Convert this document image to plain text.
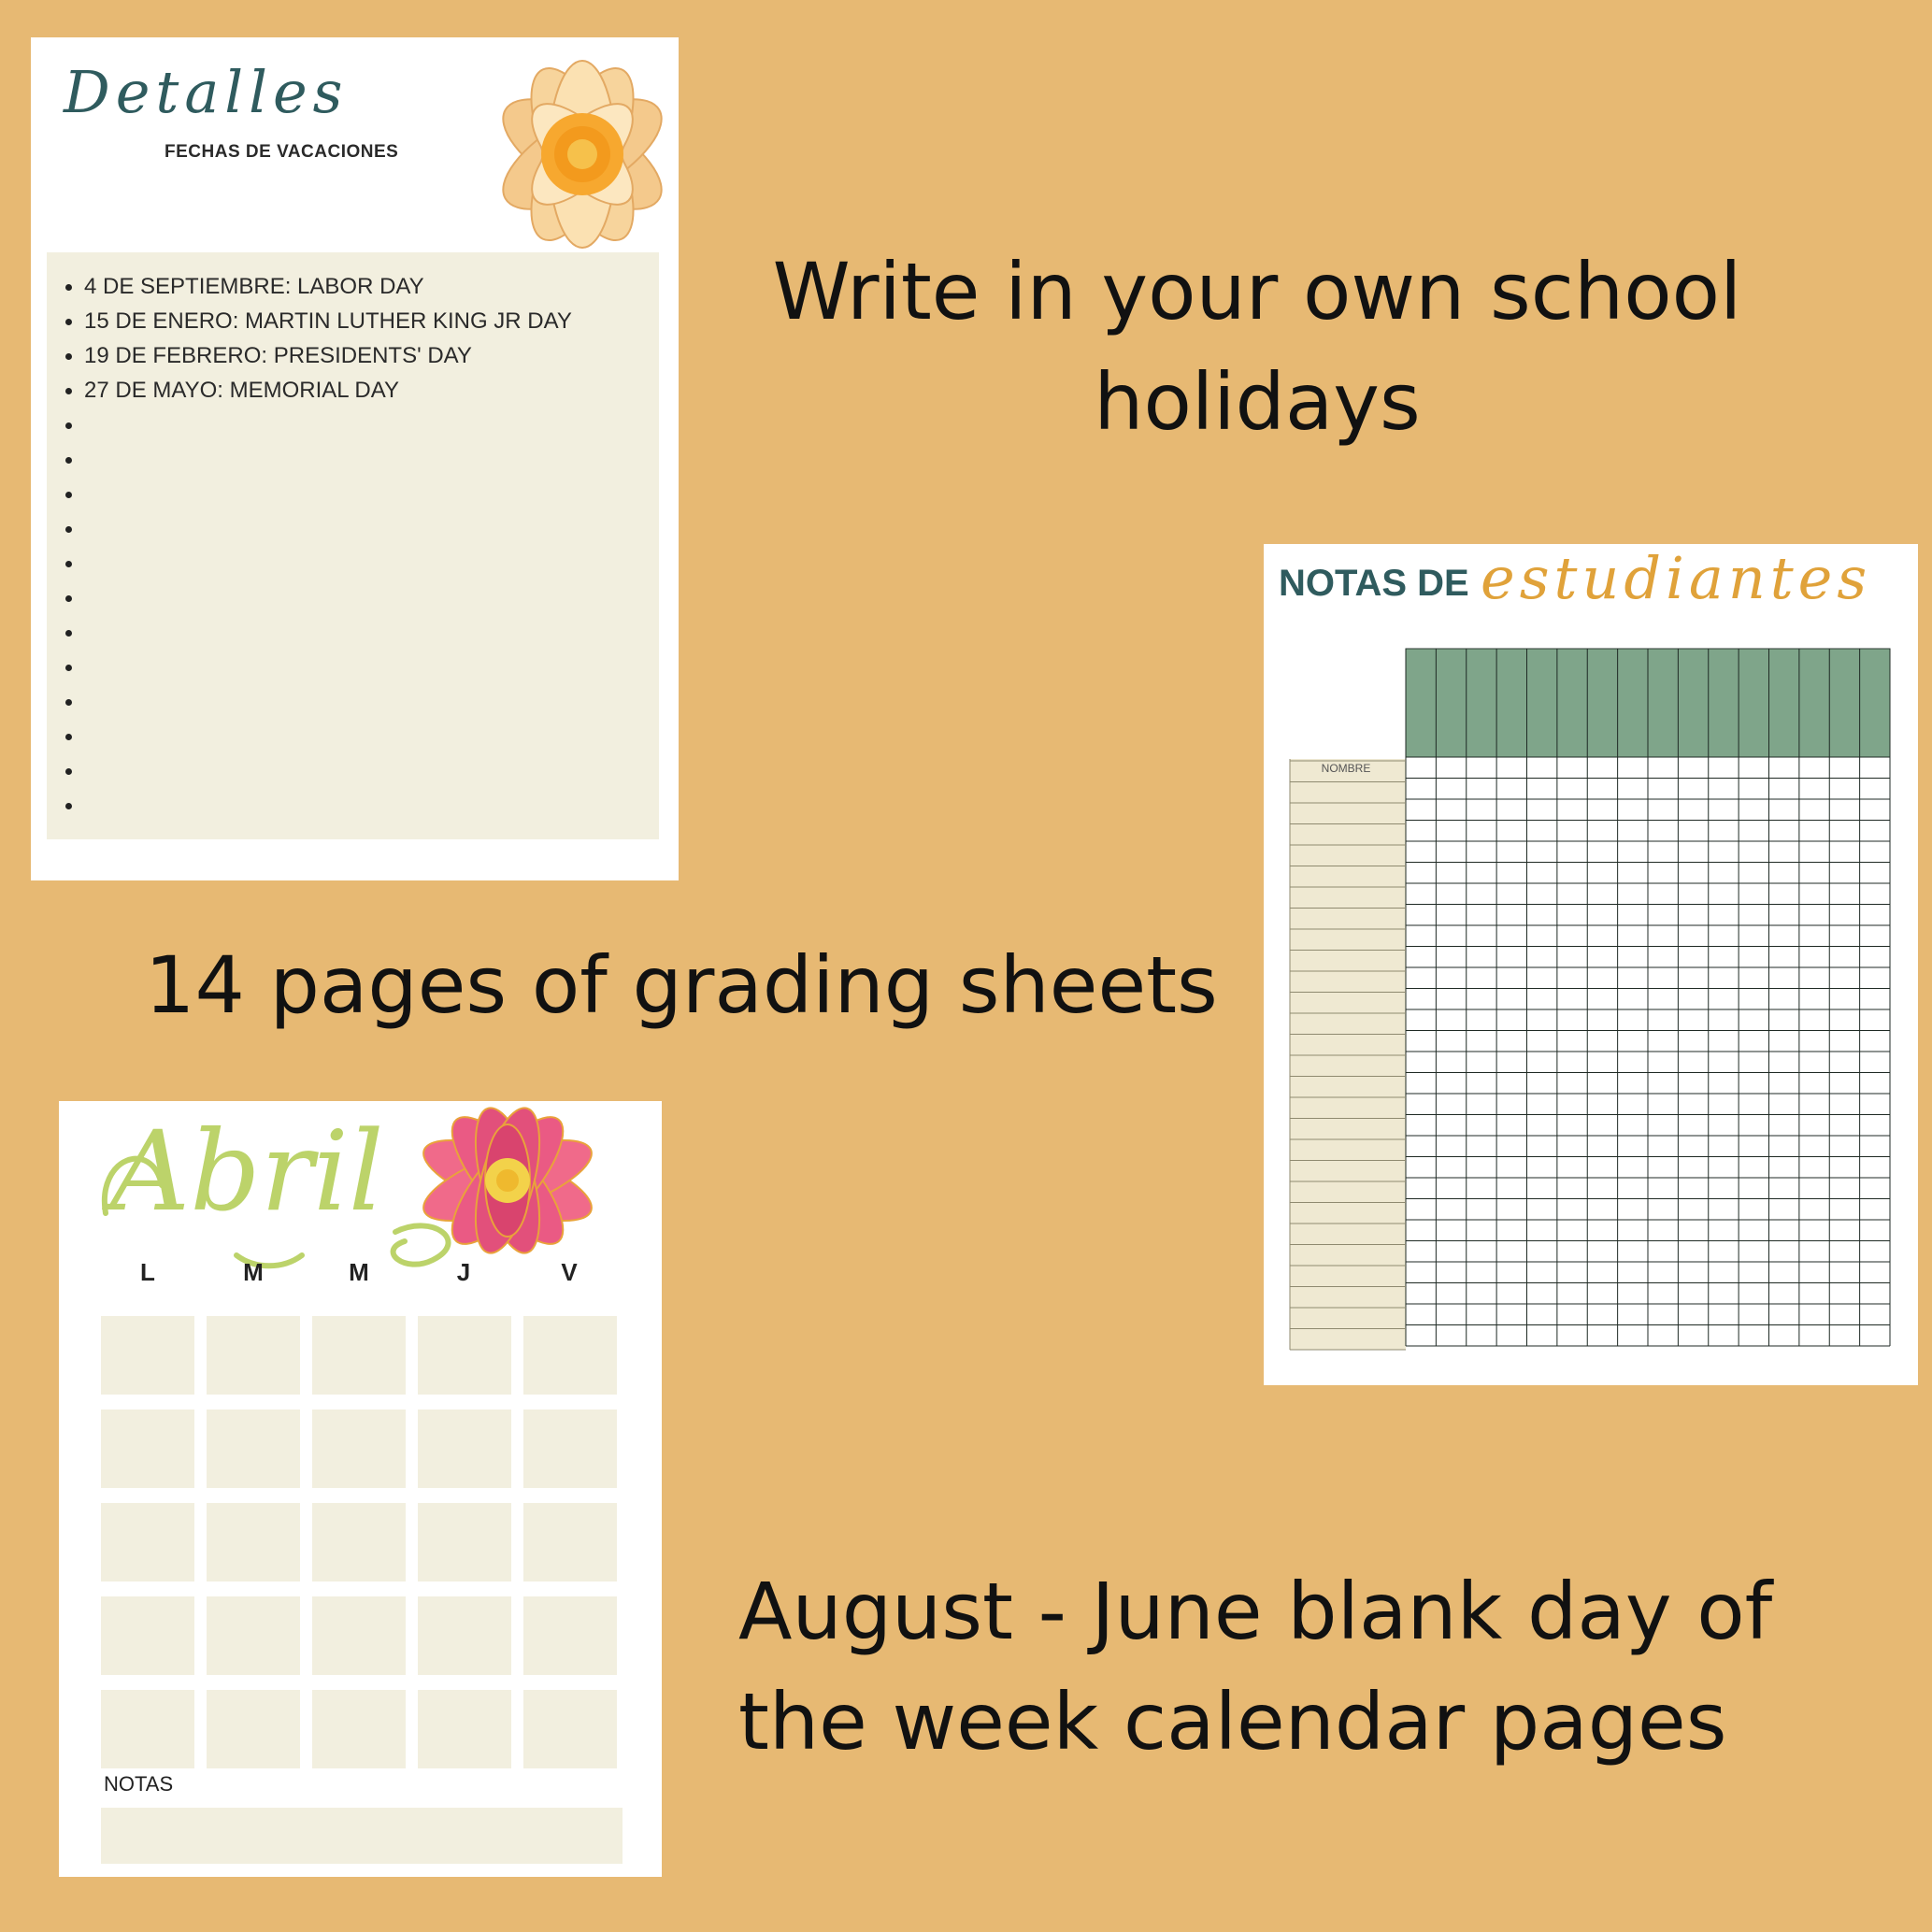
Detalles
FECHAS DE VACACIONES
4 DE SEPTIEMBRE: LABOR DAY
15 DE ENERO: MARTIN LUTHER KING JR DAY
19 DE FEBRERO: PRESIDENTS' DAY
27 DE MAYO: MEMORIAL DAY
Write in your own school
holidays
14 pages of grading sheets
August - June blank day of
the week calendar pages
NOTAS DE estudiantes
NOMBRE
Abril
L	M	M	J	V
NOTAS
